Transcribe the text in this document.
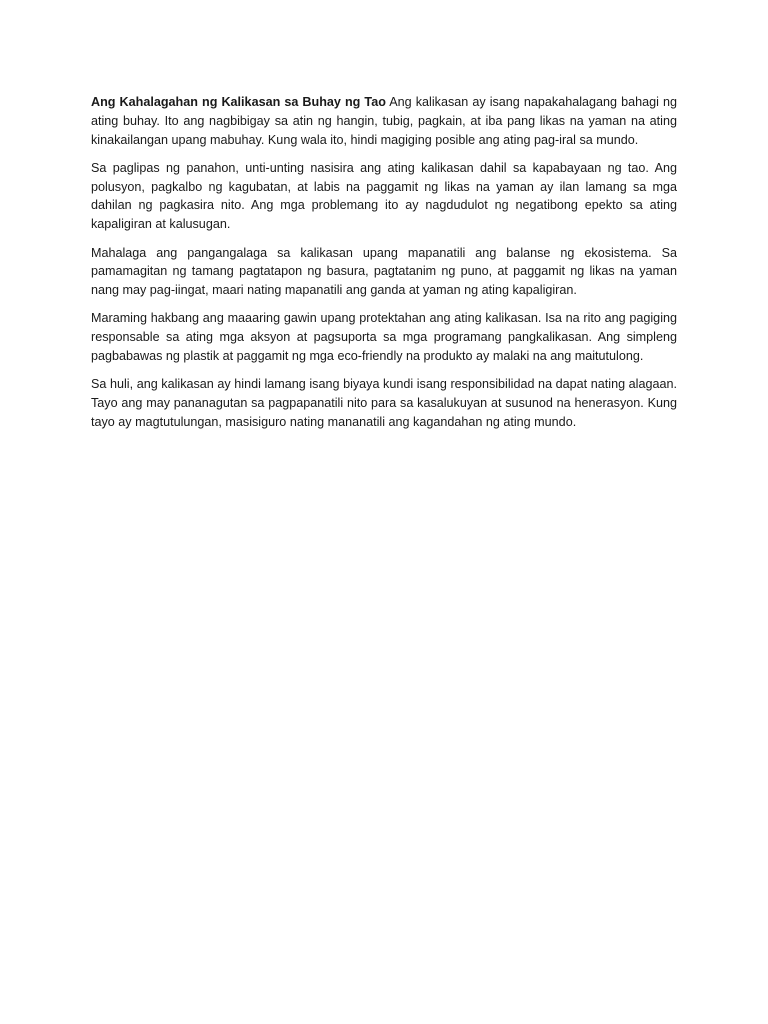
Ang Kahalagahan ng Kalikasan sa Buhay ng Tao Ang kalikasan ay isang napakahalagang bahagi ng ating buhay. Ito ang nagbibigay sa atin ng hangin, tubig, pagkain, at iba pang likas na yaman na ating kinakailangan upang mabuhay. Kung wala ito, hindi magiging posible ang ating pag-iral sa mundo.

Sa paglipas ng panahon, unti-unting nasisira ang ating kalikasan dahil sa kapabayaan ng tao. Ang polusyon, pagkalbo ng kagubatan, at labis na paggamit ng likas na yaman ay ilan lamang sa mga dahilan ng pagkasira nito. Ang mga problemang ito ay nagdudulot ng negatibong epekto sa ating kapaligiran at kalusugan.

Mahalaga ang pangangalaga sa kalikasan upang mapanatili ang balanse ng ekosistema. Sa pamamagitan ng tamang pagtatapon ng basura, pagtatanim ng puno, at paggamit ng likas na yaman nang may pag-iingat, maari nating mapanatili ang ganda at yaman ng ating kapaligiran.

Maraming hakbang ang maaaring gawin upang protektahan ang ating kalikasan. Isa na rito ang pagiging responsable sa ating mga aksyon at pagsuporta sa mga programang pangkalikasan. Ang simpleng pagbabawas ng plastik at paggamit ng mga eco-friendly na produkto ay malaki na ang maitutulong.

Sa huli, ang kalikasan ay hindi lamang isang biyaya kundi isang responsibilidad na dapat nating alagaan. Tayo ang may pananagutan sa pagpapanatili nito para sa kasalukuyan at susunod na henerasyon. Kung tayo ay magtutulungan, masisiguro nating mananatili ang kagandahan ng ating mundo.
